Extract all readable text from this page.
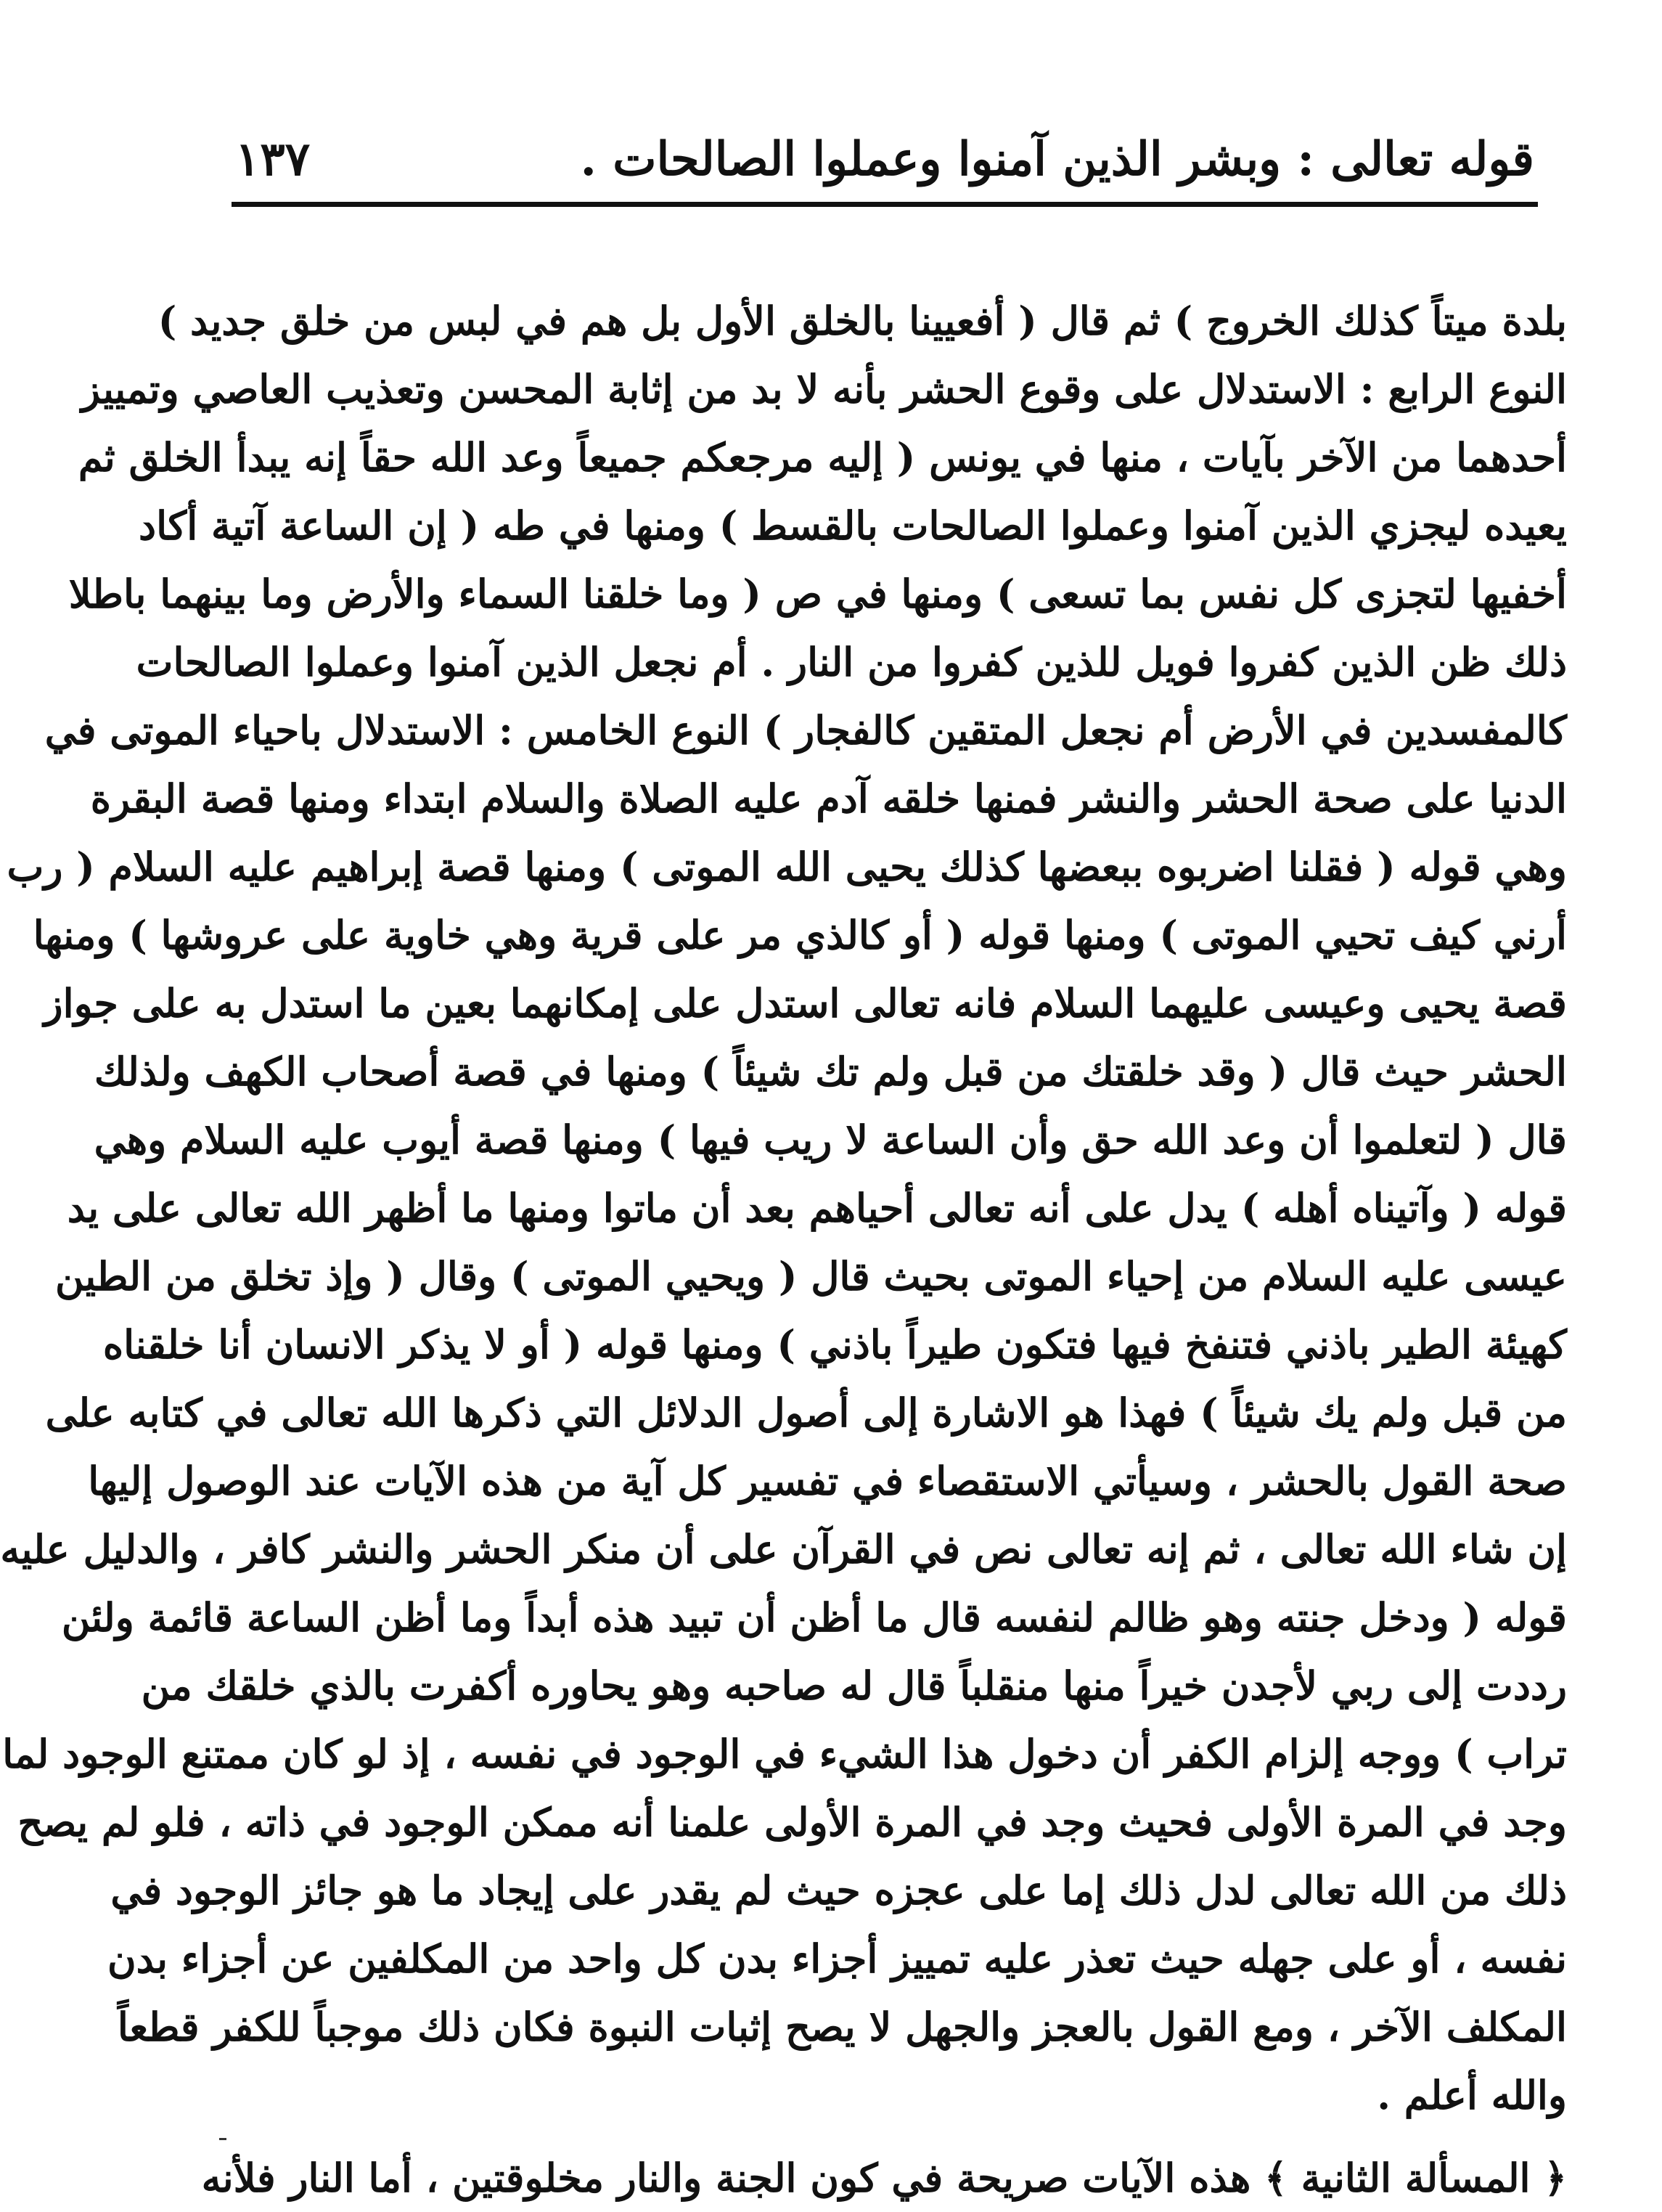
قوله تعالى : وبشر الذين آمنوا وعملوا الصالحات .
١٣٧
بلدة ميتاً كذلك الخروج ) ثم قال ( أفعيينا بالخلق الأول بل هم في لبس من خلق جديد )
النوع الرابع : الاستدلال على وقوع الحشر بأنه لا بد من إثابة المحسن وتعذيب العاصي وتمييز
أحدهما من الآخر بآيات ، منها في يونس ( إليه مرجعكم جميعاً وعد الله حقاً إنه يبدأ الخلق ثم
يعيده ليجزي الذين آمنوا وعملوا الصالحات بالقسط ) ومنها في طه ( إن الساعة آتية أكاد
أخفيها لتجزى كل نفس بما تسعى ) ومنها في ص ( وما خلقنا السماء والأرض وما بينهما باطلا
ذلك ظن الذين كفروا فويل للذين كفروا من النار . أم نجعل الذين آمنوا وعملوا الصالحات
كالمفسدين في الأرض أم نجعل المتقين كالفجار ) النوع الخامس : الاستدلال باحياء الموتى في
الدنيا على صحة الحشر والنشر فمنها خلقه آدم عليه الصلاة والسلام ابتداء ومنها قصة البقرة
وهي قوله ( فقلنا اضربوه ببعضها كذلك يحيى الله الموتى ) ومنها قصة إبراهيم عليه السلام ( رب
أرني كيف تحيي الموتى ) ومنها قوله ( أو كالذي مر على قرية وهي خاوية على عروشها ) ومنها
قصة يحيى وعيسى عليهما السلام فانه تعالى استدل على إمكانهما بعين ما استدل به على جواز
الحشر حيث قال ( وقد خلقتك من قبل ولم تك شيئاً ) ومنها في قصة أصحاب الكهف ولذلك
قال ( لتعلموا أن وعد الله حق وأن الساعة لا ريب فيها ) ومنها قصة أيوب عليه السلام وهي
قوله ( وآتيناه أهله ) يدل على أنه تعالى أحياهم بعد أن ماتوا ومنها ما أظهر الله تعالى على يد
عيسى عليه السلام من إحياء الموتى بحيث قال ( ويحيي الموتى ) وقال ( وإذ تخلق من الطين
كهيئة الطير باذني فتنفخ فيها فتكون طيراً باذني ) ومنها قوله ( أو لا يذكر الانسان أنا خلقناه
من قبل ولم يك شيئاً ) فهذا هو الاشارة إلى أصول الدلائل التي ذكرها الله تعالى في كتابه على
صحة القول بالحشر ، وسيأتي الاستقصاء في تفسير كل آية من هذه الآيات عند الوصول إليها
إن شاء الله تعالى ، ثم إنه تعالى نص في القرآن على أن منكر الحشر والنشر كافر ، والدليل عليه
قوله ( ودخل جنته وهو ظالم لنفسه قال ما أظن أن تبيد هذه أبداً وما أظن الساعة قائمة ولئن
رددت إلى ربي لأجدن خيراً منها منقلباً قال له صاحبه وهو يحاوره أكفرت بالذي خلقك من
تراب ) ووجه إلزام الكفر أن دخول هذا الشيء في الوجود في نفسه ، إذ لو كان ممتنع الوجود لما
وجد في المرة الأولى فحيث وجد في المرة الأولى علمنا أنه ممكن الوجود في ذاته ، فلو لم يصح
ذلك من الله تعالى لدل ذلك إما على عجزه حيث لم يقدر على إيجاد ما هو جائز الوجود في
نفسه ، أو على جهله حيث تعذر عليه تمييز أجزاء بدن كل واحد من المكلفين عن أجزاء بدن
المكلف الآخر ، ومع القول بالعجز والجهل لا يصح إثبات النبوة فكان ذلك موجباً للكفر قطعاً
والله أعلم .
﴿ المسألة الثانية ﴾ هذه الآيات صريحة في كون الجنة والنار مخلوقتين ، أما النار فلأنه
